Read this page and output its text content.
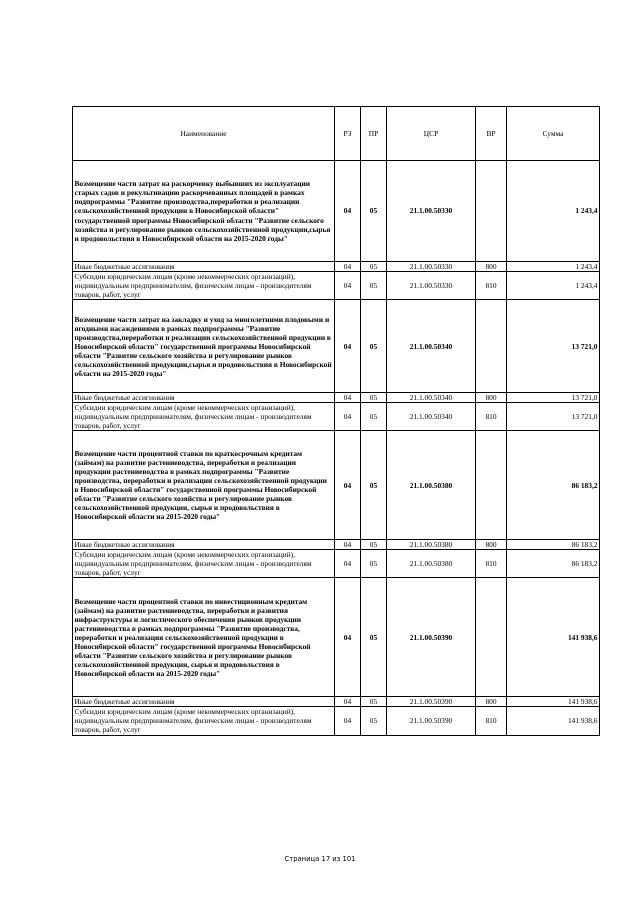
Наименование	РЗ	ПР	ЦСР	ВР	Сумма
Возмещение части затрат на раскорчевку выбывших из эксплуатации старых садов и рекультивацию раскорчеванных площадей в рамках подпрограммы "Развитие производства,переработки и реализации сельскохозяйственной продукции в Новосибирской области" государственной программы Новосибирской области "Развитие сельского хозяйства и регулирование рынков сельскохозяйственной продукции,сырья и продовольствия в Новосибирской области на 2015-2020 годы"	04	05	21.1.00.50330		1 243,4
Иные бюджетные ассигнования	04	05	21.1.00.50330	800	1 243,4
Субсидии юридическим лицам (кроме некоммерческих организаций), индивидуальным предпринимателям, физическим лицам - производителям товаров, работ, услуг	04	05	21.1.00.50330	810	1 243,4
Возмещение части затрат на закладку и уход за многолетними плодовыми и ягодными насаждениями в рамках подпрограммы "Развитие производства,переработки и реализации сельскохозяйственной продукции в Новосибирской области" государственной программы Новосибирской области "Развитие сельского хозяйства и регулирование рынков сельскохозяйственной продукции,сырья и продовольствия в Новосибирской области на 2015-2020 годы"	04	05	21.1.00.50340		13 721,0
Иные бюджетные ассигнования	04	05	21.1.00.50340	800	13 721,0
Субсидии юридическим лицам (кроме некоммерческих организаций), индивидуальным предпринимателям, физическим лицам - производителям товаров, работ, услуг	04	05	21.1.00.50340	810	13 721,0
Возмещение части процентной ставки по краткосрочным кредитам (займам) на развитие растениеводства, переработки и реализации продукции растениеводства в рамках подпрограммы "Развитие производства, переработки и реализации сельскохозяйственной продукции в Новосибирской области" государственной программы Новосибирской области "Развитие сельского хозяйства и регулирование рынков сельскохозяйственной продукции, сырья и продовольствия в Новосибирской области на 2015-2020 годы"	04	05	21.1.00.50380		86 183,2
Иные бюджетные ассигнования	04	05	21.1.00.50380	800	86 183,2
Субсидии юридическим лицам (кроме некоммерческих организаций), индивидуальным предпринимателям, физическим лицам - производителям товаров, работ, услуг	04	05	21.1.00.50380	810	86 183,2
Возмещение части процентной ставки по инвестиционным кредитам (займам) на развитие растениеводства, переработки и развития инфраструктуры и логистического обеспечения рынков продукции растениеводства в рамках подпрограммы "Развитие производства, переработки и реализация сельскохозяйственной продукции в Новосибирской области" государственной программы Новосибирской области "Развитие сельского хозяйства и регулирование рынков сельскохозяйственной продукции, сырья и продовольствия в Новосибирской области на 2015-2020 годы"	04	05	21.1.00.50390		141 938,6
Иные бюджетные ассигнования	04	05	21.1.00.50390	800	141 938,6
Субсидии юридическим лицам (кроме некоммерческих организаций), индивидуальным предпринимателям, физическим лицам - производителям товаров, работ, услуг	04	05	21.1.00.50390	810	141 938,6
Страница 17 из 101
